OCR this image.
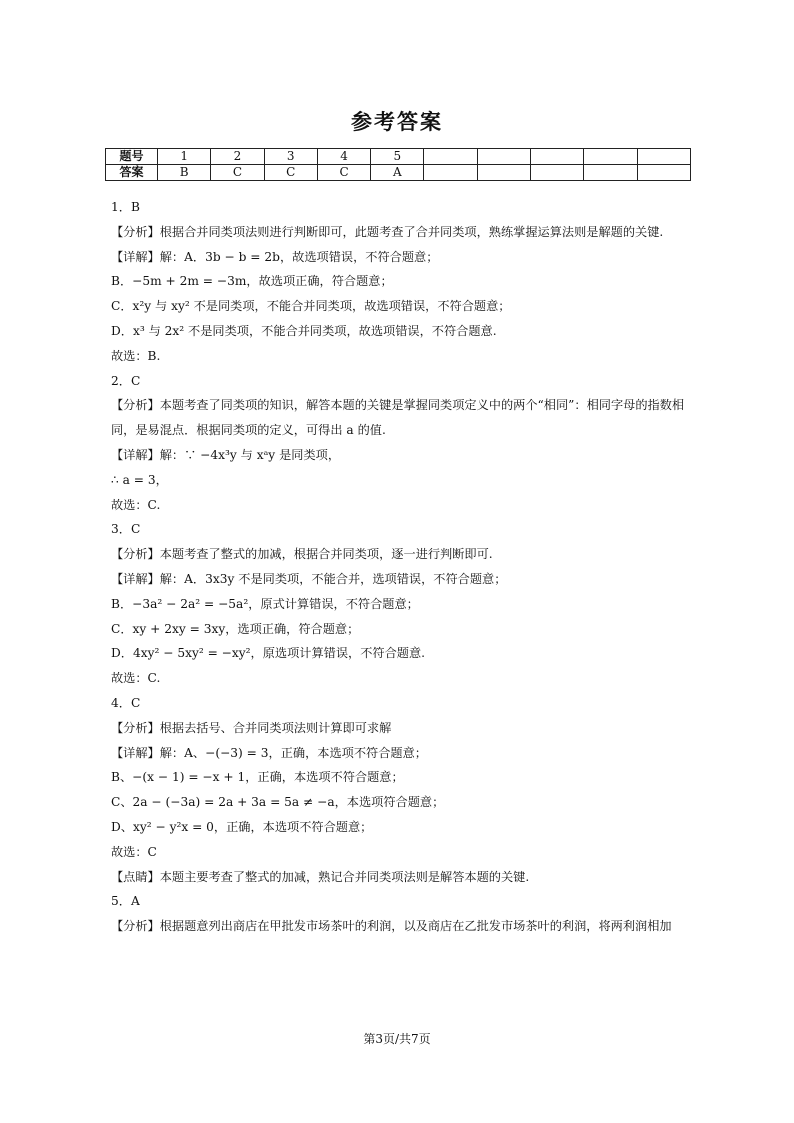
参考答案
题号	1	2	3	4	5					
答案	B	C	C	C	A					
1．B
【分析】根据合并同类项法则进行判断即可，此题考查了合并同类项，熟练掌握运算法则是解题的关键.
【详解】解：A．3b − b = 2b，故选项错误，不符合题意；
B．−5m + 2m = −3m，故选项正确，符合题意；
C．x²y 与 xy² 不是同类项，不能合并同类项，故选项错误，不符合题意；
D．x³ 与 2x² 不是同类项，不能合并同类项，故选项错误，不符合题意.
故选：B.
2．C
【分析】本题考查了同类项的知识，解答本题的关键是掌握同类项定义中的两个“相同”：相同字母的指数相
同，是易混点．根据同类项的定义，可得出 a 的值.
【详解】解：∵ −4x³y 与 xᵃy 是同类项，
∴ a = 3，
故选：C.
3．C
【分析】本题考查了整式的加减，根据合并同类项，逐一进行判断即可.
【详解】解：A．3x3y 不是同类项，不能合并，选项错误，不符合题意；
B．−3a² − 2a² = −5a²，原式计算错误，不符合题意；
C．xy + 2xy = 3xy，选项正确，符合题意；
D．4xy² − 5xy² = −xy²，原选项计算错误，不符合题意.
故选：C.
4．C
【分析】根据去括号、合并同类项法则计算即可求解
【详解】解：A、−(−3) = 3，正确，本选项不符合题意；
B、−(x − 1) = −x + 1，正确，本选项不符合题意；
C、2a − (−3a) = 2a + 3a = 5a ≠ −a，本选项符合题意；
D、xy² − y²x = 0，正确，本选项不符合题意；
故选：C
【点睛】本题主要考查了整式的加减，熟记合并同类项法则是解答本题的关键.
5．A
【分析】根据题意列出商店在甲批发市场茶叶的利润，以及商店在乙批发市场茶叶的利润，将两利润相加
第3页/共7页
